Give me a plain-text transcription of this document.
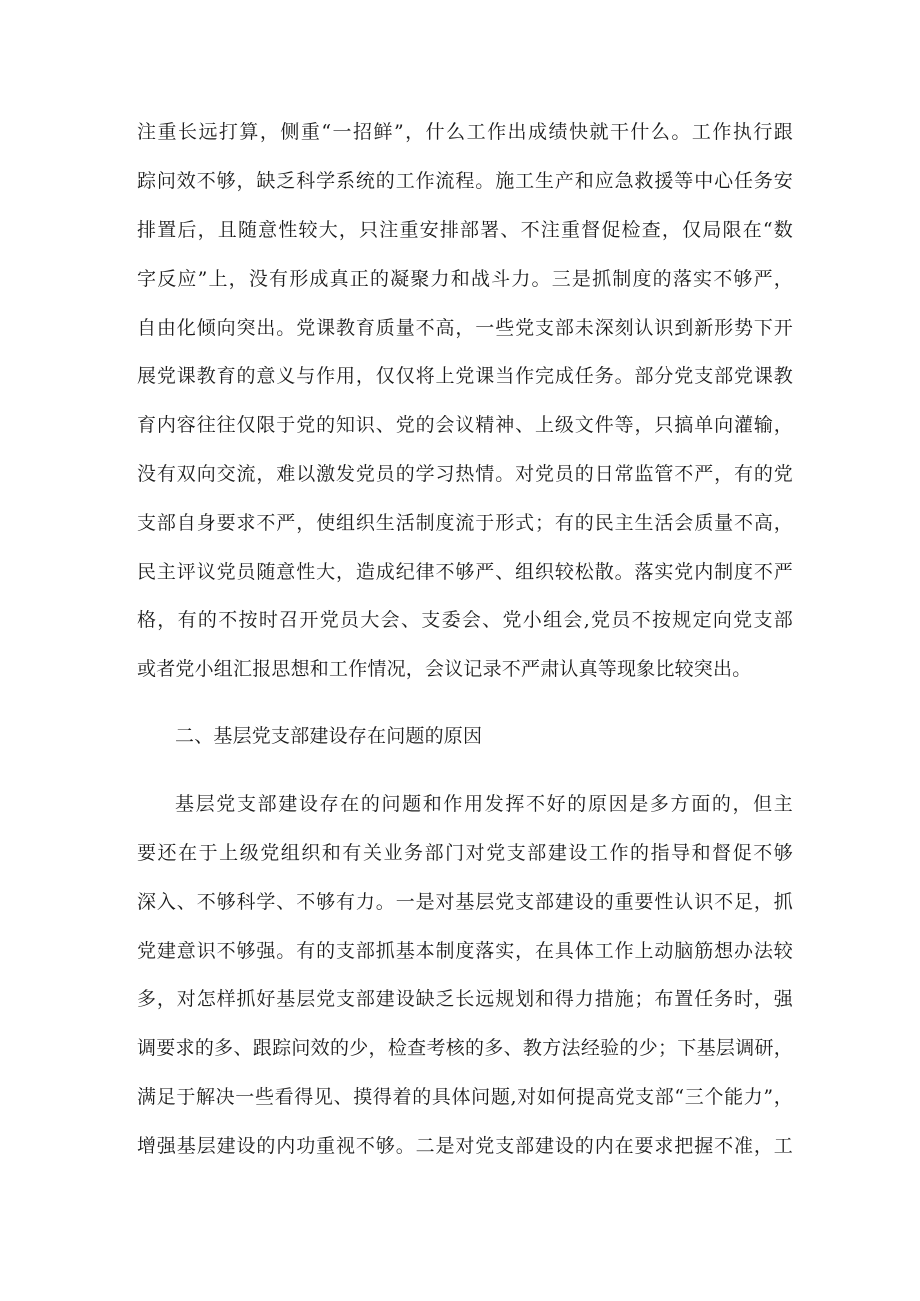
注重长远打算，侧重“一招鲜”，什么工作出成绩快就干什么。工作执行跟
踪问效不够，缺乏科学系统的工作流程。施工生产和应急救援等中心任务安
排置后，且随意性较大，只注重安排部署、不注重督促检查，仅局限在“数
字反应”上，没有形成真正的凝聚力和战斗力。三是抓制度的落实不够严，
自由化倾向突出。党课教育质量不高，一些党支部未深刻认识到新形势下开
展党课教育的意义与作用，仅仅将上党课当作完成任务。部分党支部党课教
育内容往往仅限于党的知识、党的会议精神、上级文件等，只搞单向灌输，
没有双向交流，难以激发党员的学习热情。对党员的日常监管不严，有的党
支部自身要求不严，使组织生活制度流于形式；有的民主生活会质量不高，
民主评议党员随意性大，造成纪律不够严、组织较松散。落实党内制度不严
格，有的不按时召开党员大会、支委会、党小组会,党员不按规定向党支部
或者党小组汇报思想和工作情况，会议记录不严肃认真等现象比较突出。
二、基层党支部建设存在问题的原因
基层党支部建设存在的问题和作用发挥不好的原因是多方面的，但主
要还在于上级党组织和有关业务部门对党支部建设工作的指导和督促不够
深入、不够科学、不够有力。一是对基层党支部建设的重要性认识不足，抓
党建意识不够强。有的支部抓基本制度落实，在具体工作上动脑筋想办法较
多，对怎样抓好基层党支部建设缺乏长远规划和得力措施；布置任务时，强
调要求的多、跟踪问效的少，检查考核的多、教方法经验的少；下基层调研，
满足于解决一些看得见、摸得着的具体问题,对如何提高党支部“三个能力”，
增强基层建设的内功重视不够。二是对党支部建设的内在要求把握不准，工
